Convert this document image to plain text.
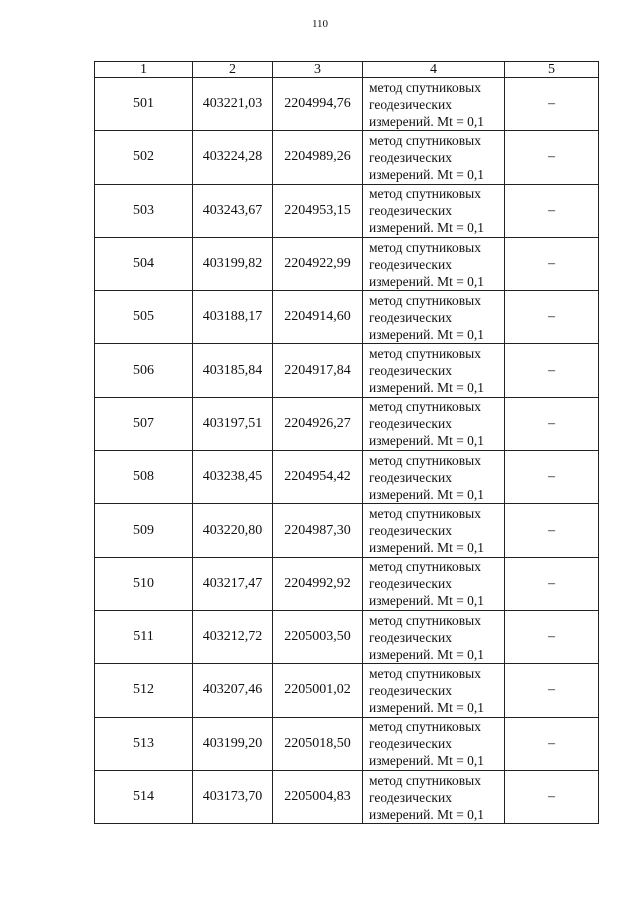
110
1	2	3	4	5
501	403221,03	2204994,76	метод спутниковых
геодезических
измерений. Mt = 0,1	–
502	403224,28	2204989,26	метод спутниковых
геодезических
измерений. Mt = 0,1	–
503	403243,67	2204953,15	метод спутниковых
геодезических
измерений. Mt = 0,1	–
504	403199,82	2204922,99	метод спутниковых
геодезических
измерений. Mt = 0,1	–
505	403188,17	2204914,60	метод спутниковых
геодезических
измерений. Mt = 0,1	–
506	403185,84	2204917,84	метод спутниковых
геодезических
измерений. Mt = 0,1	–
507	403197,51	2204926,27	метод спутниковых
геодезических
измерений. Mt = 0,1	–
508	403238,45	2204954,42	метод спутниковых
геодезических
измерений. Mt = 0,1	–
509	403220,80	2204987,30	метод спутниковых
геодезических
измерений. Mt = 0,1	–
510	403217,47	2204992,92	метод спутниковых
геодезических
измерений. Mt = 0,1	–
511	403212,72	2205003,50	метод спутниковых
геодезических
измерений. Mt = 0,1	–
512	403207,46	2205001,02	метод спутниковых
геодезических
измерений. Mt = 0,1	–
513	403199,20	2205018,50	метод спутниковых
геодезических
измерений. Mt = 0,1	–
514	403173,70	2205004,83	метод спутниковых
геодезических
измерений. Mt = 0,1	–
